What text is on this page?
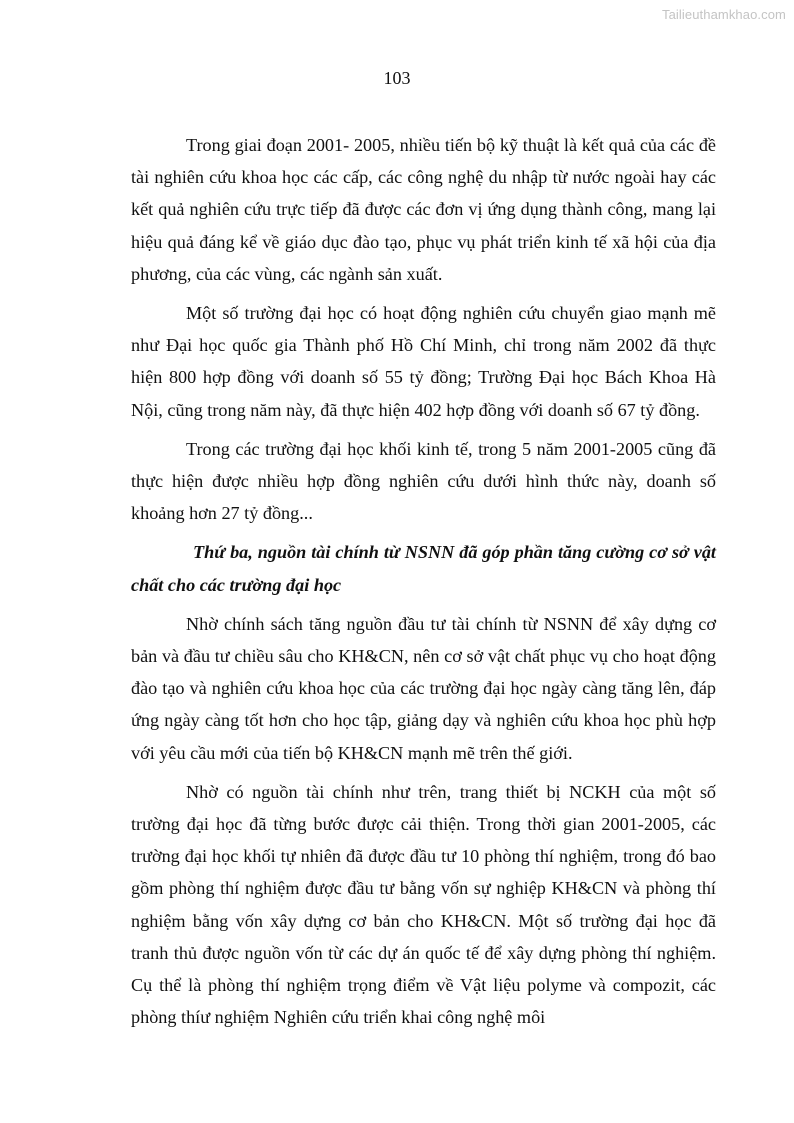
Tailieuthamkhao.com
103

Trong giai đoạn 2001- 2005, nhiều tiến bộ kỹ thuật là kết quả của các đề tài nghiên cứu khoa học các cấp, các công nghệ du nhập từ nước ngoài hay các kết quả nghiên cứu trực tiếp đã được các đơn vị ứng dụng thành công, mang lại hiệu quả đáng kể về giáo dục đào tạo, phục vụ phát triển kinh tế xã hội của địa phương, của các vùng, các ngành sản xuất.

Một số trường đại học có hoạt động nghiên cứu chuyển giao mạnh mẽ như Đại học quốc gia Thành phố Hồ Chí Minh, chỉ trong năm 2002 đã thực hiện 800 hợp đồng với doanh số 55 tỷ đồng; Trường Đại học Bách Khoa Hà Nội, cũng trong năm này, đã thực hiện 402 hợp đồng với doanh số 67 tỷ đồng.

Trong các trường đại học khối kinh tế, trong 5 năm 2001-2005 cũng đã thực hiện được nhiều hợp đồng nghiên cứu dưới hình thức này, doanh số khoảng hơn 27 tỷ đồng...

Thứ ba, nguồn tài chính từ NSNN đã góp phần tăng cường cơ sở vật chất cho các trường đại học

Nhờ chính sách tăng nguồn đầu tư tài chính từ NSNN để xây dựng cơ bản và đầu tư chiều sâu cho KH&CN, nên cơ sở vật chất phục vụ cho hoạt động đào tạo và nghiên cứu khoa học của các trường đại học ngày càng tăng lên, đáp ứng ngày càng tốt hơn cho học tập, giảng dạy và nghiên cứu khoa học phù hợp với yêu cầu mới của tiến bộ KH&CN mạnh mẽ trên thế giới.

Nhờ có nguồn tài chính như trên, trang thiết bị NCKH của một số trường đại học đã từng bước được cải thiện. Trong thời gian 2001-2005, các trường đại học khối tự nhiên đã được đầu tư 10 phòng thí nghiệm, trong đó bao gồm phòng thí nghiệm được đầu tư bằng vốn sự nghiệp KH&CN và phòng thí nghiệm bằng vốn xây dựng cơ bản cho KH&CN. Một số trường đại học đã tranh thủ được nguồn vốn từ các dự án quốc tế để xây dựng phòng thí nghiệm. Cụ thể là phòng thí nghiệm trọng điểm về Vật liệu polyme và compozit, các phòng thíư nghiệm Nghiên cứu triển khai công nghệ môi
